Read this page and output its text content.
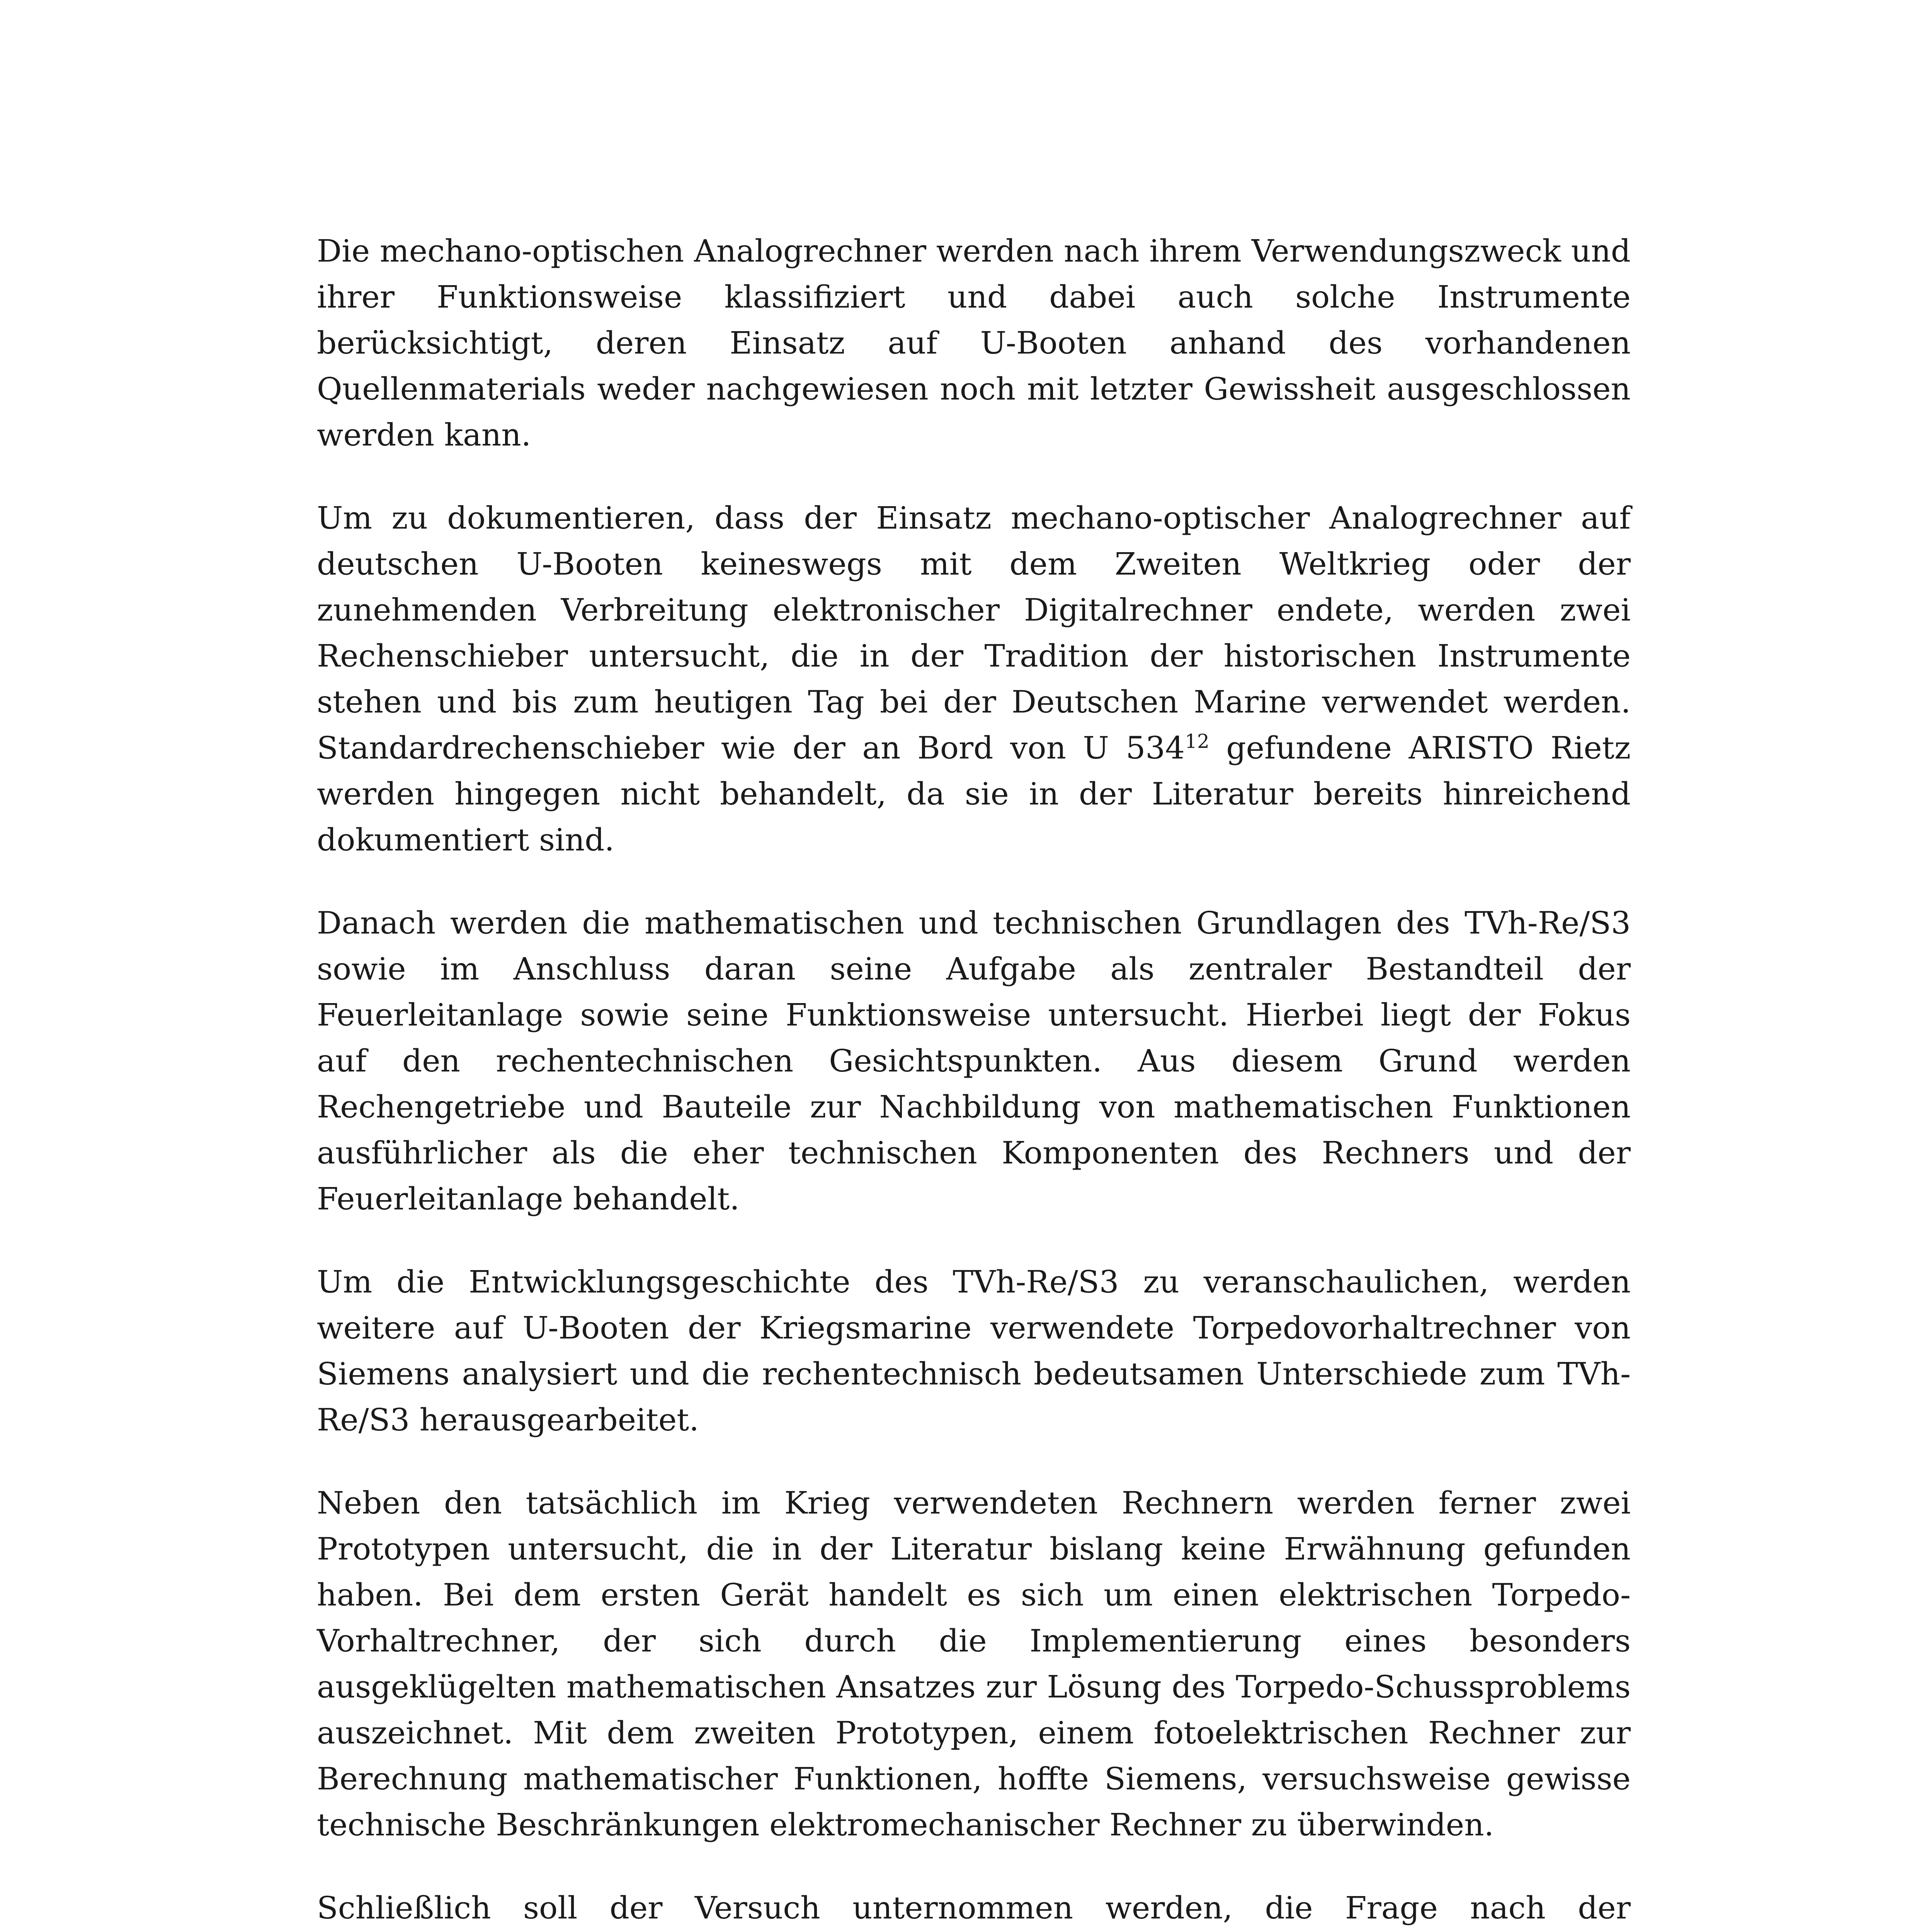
Die mechano-optischen Analogrechner werden nach ihrem Verwendungszweck und ihrer Funktionsweise klassifiziert und dabei auch solche Instrumente berücksichtigt, deren Einsatz auf U-Booten anhand des vorhandenen Quellenmaterials weder nachgewiesen noch mit letzter Gewissheit ausgeschlossen werden kann.

Um zu dokumentieren, dass der Einsatz mechano-optischer Analogrechner auf deutschen U-Booten keineswegs mit dem Zweiten Weltkrieg oder der zunehmenden Verbreitung elektronischer Digitalrechner endete, werden zwei Rechenschieber untersucht, die in der Tradition der historischen Instrumente stehen und bis zum heutigen Tag bei der Deutschen Marine verwendet werden. Standardrechenschieber wie der an Bord von U 534$^{12}$ gefundene ARISTO Rietz werden hingegen nicht behandelt, da sie in der Literatur bereits hinreichend dokumentiert sind.

Danach werden die mathematischen und technischen Grundlagen des TVh-Re/S3 sowie im Anschluss daran seine Aufgabe als zentraler Bestandteil der Feuerleitanlage sowie seine Funktionsweise untersucht. Hierbei liegt der Fokus auf den rechentechnischen Gesichtspunkten. Aus diesem Grund werden Rechengetriebe und Bauteile zur Nachbildung von mathematischen Funktionen ausführlicher als die eher technischen Komponenten des Rechners und der Feuerleitanlage behandelt.

Um die Entwicklungsgeschichte des TVh-Re/S3 zu veranschaulichen, werden weitere auf U-Booten der Kriegsmarine verwendete Torpedovorhaltrechner von Siemens analysiert und die rechentechnisch bedeutsamen Unterschiede zum TVh-Re/S3 herausgearbeitet.

Neben den tatsächlich im Krieg verwendeten Rechnern werden ferner zwei Prototypen untersucht, die in der Literatur bislang keine Erwähnung gefunden haben. Bei dem ersten Gerät handelt es sich um einen elektrischen Torpedo-Vorhaltrechner, der sich durch die Implementierung eines besonders ausgeklügelten mathematischen Ansatzes zur Lösung des Torpedo-Schussproblems auszeichnet. Mit dem zweiten Prototypen, einem fotoelektrischen Rechner zur Berechnung mathematischer Funktionen, hoffte Siemens, versuchsweise gewisse technische Beschränkungen elektromechanischer Rechner zu überwinden.

Schließlich soll der Versuch unternommen werden, die Frage nach der
